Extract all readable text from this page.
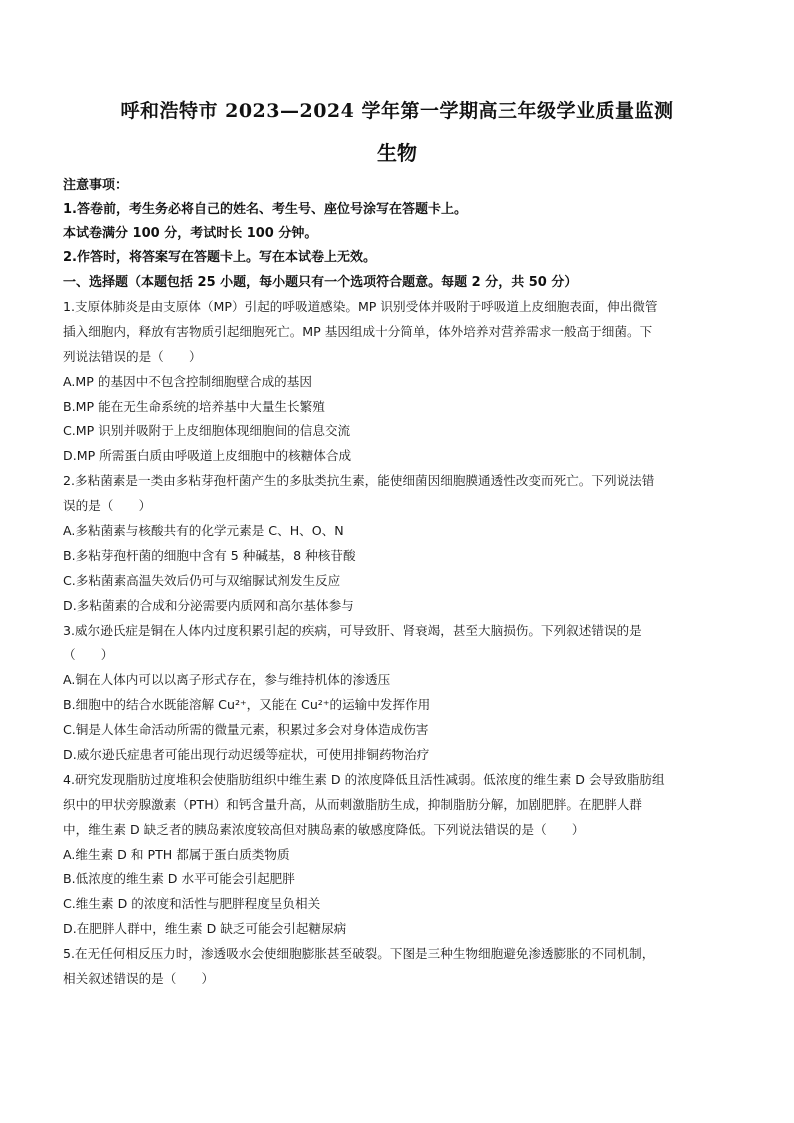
呼和浩特市 2023—2024 学年第一学期高三年级学业质量监测
生物
注意事项：
1.答卷前，考生务必将自己的姓名、考生号、座位号涂写在答题卡上。
本试卷满分 100 分，考试时长 100 分钟。
2.作答时，将答案写在答题卡上。写在本试卷上无效。
一、选择题（本题包括 25 小题，每小题只有一个选项符合题意。每题 2 分，共 50 分）
1.支原体肺炎是由支原体（MP）引起的呼吸道感染。MP 识别受体并吸附于呼吸道上皮细胞表面，伸出微管
插入细胞内，释放有害物质引起细胞死亡。MP 基因组成十分简单，体外培养对营养需求一般高于细菌。下
列说法错误的是（　　）
A.MP 的基因中不包含控制细胞壁合成的基因
B.MP 能在无生命系统的培养基中大量生长繁殖
C.MP 识别并吸附于上皮细胞体现细胞间的信息交流
D.MP 所需蛋白质由呼吸道上皮细胞中的核糖体合成
2.多粘菌素是一类由多粘芽孢杆菌产生的多肽类抗生素，能使细菌因细胞膜通透性改变而死亡。下列说法错
误的是（　　）
A.多粘菌素与核酸共有的化学元素是 C、H、O、N
B.多粘芽孢杆菌的细胞中含有 5 种碱基，8 种核苷酸
C.多粘菌素高温失效后仍可与双缩脲试剂发生反应
D.多粘菌素的合成和分泌需要内质网和高尔基体参与
3.威尔逊氏症是铜在人体内过度积累引起的疾病，可导致肝、肾衰竭，甚至大脑损伤。下列叙述错误的是
（　　）
A.铜在人体内可以以离子形式存在，参与维持机体的渗透压
B.细胞中的结合水既能溶解 Cu²⁺，又能在 Cu²⁺的运输中发挥作用
C.铜是人体生命活动所需的微量元素，积累过多会对身体造成伤害
D.威尔逊氏症患者可能出现行动迟缓等症状，可使用排铜药物治疗
4.研究发现脂肪过度堆积会使脂肪组织中维生素 D 的浓度降低且活性减弱。低浓度的维生素 D 会导致脂肪组
织中的甲状旁腺激素（PTH）和钙含量升高，从而刺激脂肪生成，抑制脂肪分解，加剧肥胖。在肥胖人群
中，维生素 D 缺乏者的胰岛素浓度较高但对胰岛素的敏感度降低。下列说法错误的是（　　）
A.维生素 D 和 PTH 都属于蛋白质类物质
B.低浓度的维生素 D 水平可能会引起肥胖
C.维生素 D 的浓度和活性与肥胖程度呈负相关
D.在肥胖人群中，维生素 D 缺乏可能会引起糖尿病
5.在无任何相反压力时，渗透吸水会使细胞膨胀甚至破裂。下图是三种生物细胞避免渗透膨胀的不同机制，
相关叙述错误的是（　　）
